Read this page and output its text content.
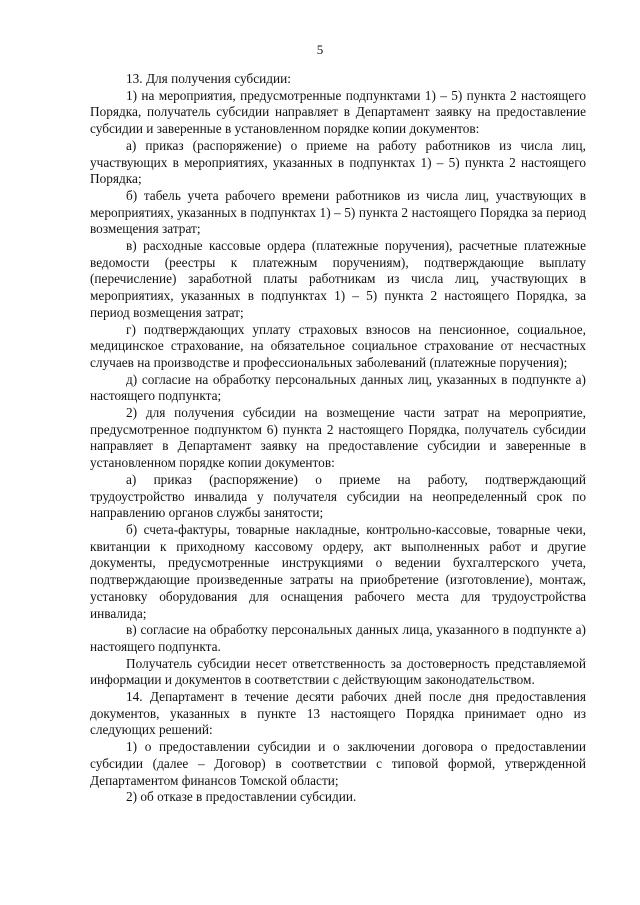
5

13. Для получения субсидии:

1) на мероприятия, предусмотренные подпунктами 1) – 5) пункта 2 настоящего Порядка, получатель субсидии направляет в Департамент заявку на предоставление субсидии и заверенные в установленном порядке копии документов:

а) приказ (распоряжение) о приеме на работу работников из числа лиц, участвующих в мероприятиях, указанных в подпунктах 1) – 5) пункта 2 настоящего Порядка;

б) табель учета рабочего времени работников из числа лиц, участвующих в мероприятиях, указанных в подпунктах 1) – 5) пункта 2 настоящего Порядка за период возмещения затрат;

в) расходные кассовые ордера (платежные поручения), расчетные платежные ведомости (реестры к платежным поручениям), подтверждающие выплату (перечисление) заработной платы работникам из числа лиц, участвующих в мероприятиях, указанных в подпунктах 1) – 5) пункта 2 настоящего Порядка, за период возмещения затрат;

г) подтверждающих уплату страховых взносов на пенсионное, социальное, медицинское страхование, на обязательное социальное страхование от несчастных случаев на производстве и профессиональных заболеваний (платежные поручения);

д) согласие на обработку персональных данных лиц, указанных в подпункте а) настоящего подпункта;

2) для получения субсидии на возмещение части затрат на мероприятие, предусмотренное подпунктом 6) пункта 2 настоящего Порядка, получатель субсидии направляет в Департамент заявку на предоставление субсидии и заверенные в установленном порядке копии документов:

а) приказ (распоряжение) о приеме на работу, подтверждающий трудоустройство инвалида у получателя субсидии на неопределенный срок по направлению органов службы занятости;

б) счета-фактуры, товарные накладные, контрольно-кассовые, товарные чеки, квитанции к приходному кассовому ордеру, акт выполненных работ и другие документы, предусмотренные инструкциями о ведении бухгалтерского учета, подтверждающие произведенные затраты на приобретение (изготовление), монтаж, установку оборудования для оснащения рабочего места для трудоустройства инвалида;

в) согласие на обработку персональных данных лица, указанного в подпункте а) настоящего подпункта.

Получатель субсидии несет ответственность за достоверность представляемой информации и документов в соответствии с действующим законодательством.

14. Департамент в течение десяти рабочих дней после дня предоставления документов, указанных в пункте 13 настоящего Порядка принимает одно из следующих решений:

1) о предоставлении субсидии и о заключении договора о предоставлении субсидии (далее – Договор) в соответствии с типовой формой, утвержденной Департаментом финансов Томской области;

2) об отказе в предоставлении субсидии.
